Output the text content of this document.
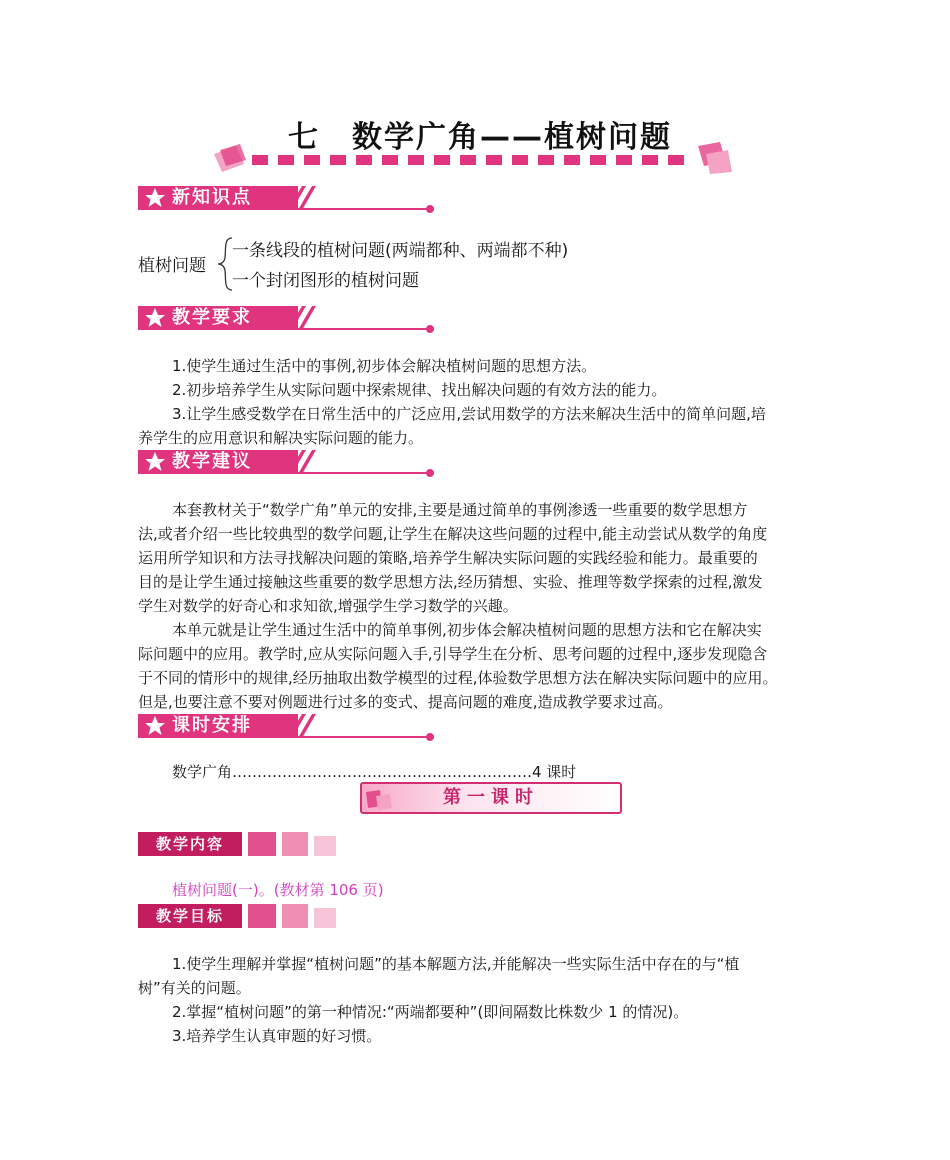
七　数学广角——植树问题
新知识点
植树问题
一条线段的植树问题(两端都种、两端都不种)
一个封闭图形的植树问题
教学要求
1.使学生通过生活中的事例,初步体会解决植树问题的思想方法。
2.初步培养学生从实际问题中探索规律、找出解决问题的有效方法的能力。
3.让学生感受数学在日常生活中的广泛应用,尝试用数学的方法来解决生活中的简单问题,培
养学生的应用意识和解决实际问题的能力。
教学建议
本套教材关于“数学广角”单元的安排,主要是通过简单的事例渗透一些重要的数学思想方
法,或者介绍一些比较典型的数学问题,让学生在解决这些问题的过程中,能主动尝试从数学的角度
运用所学知识和方法寻找解决问题的策略,培养学生解决实际问题的实践经验和能力。最重要的
目的是让学生通过接触这些重要的数学思想方法,经历猜想、实验、推理等数学探索的过程,激发
学生对数学的好奇心和求知欲,增强学生学习数学的兴趣。
本单元就是让学生通过生活中的简单事例,初步体会解决植树问题的思想方法和它在解决实
际问题中的应用。教学时,应从实际问题入手,引导学生在分析、思考问题的过程中,逐步发现隐含
于不同的情形中的规律,经历抽取出数学模型的过程,体验数学思想方法在解决实际问题中的应用。
但是,也要注意不要对例题进行过多的变式、提高问题的难度,造成教学要求过高。
课时安排
数学广角……………………………………………………4 课时
第一课时
教学内容
植树问题(一)。(教材第 106 页)
教学目标
1.使学生理解并掌握“植树问题”的基本解题方法,并能解决一些实际生活中存在的与“植
树”有关的问题。
2.掌握“植树问题”的第一种情况:“两端都要种”(即间隔数比株数少 1 的情况)。
3.培养学生认真审题的好习惯。
